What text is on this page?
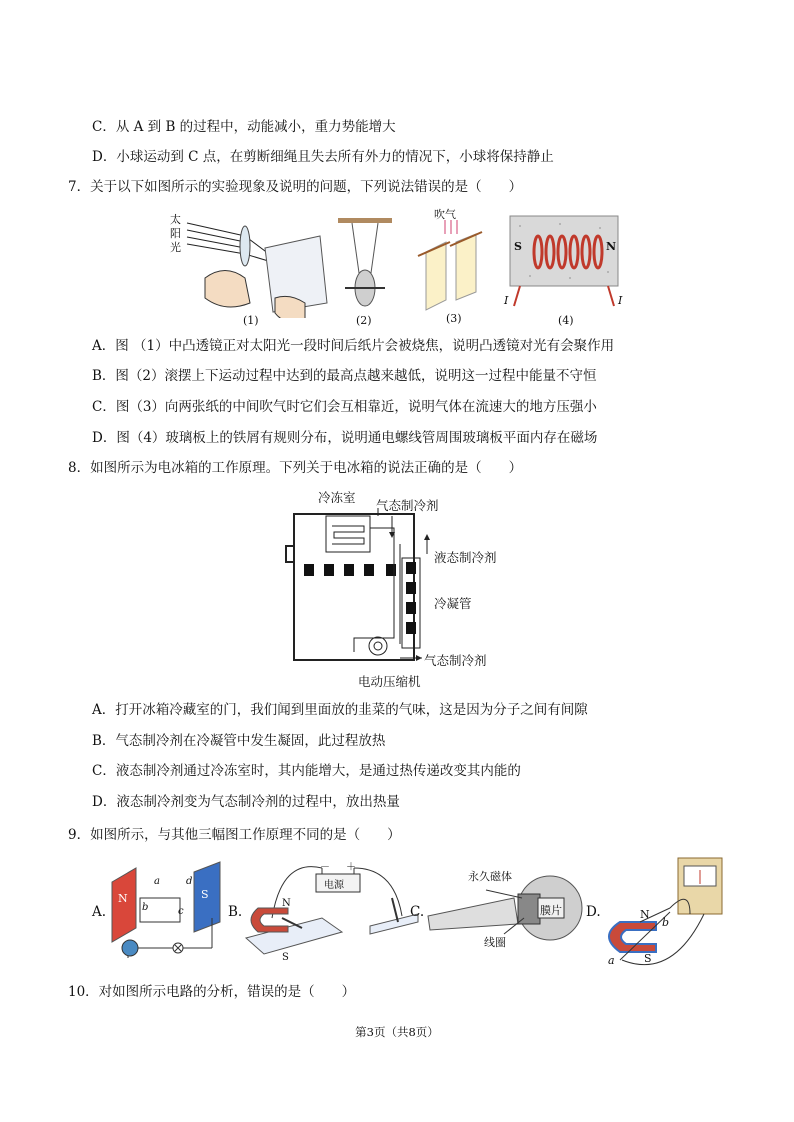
C．从 A 到 B 的过程中，动能减小，重力势能增大
D．小球运动到 C 点，在剪断细绳且失去所有外力的情况下，小球将保持静止
7．关于以下如图所示的实验现象及说明的问题，下列说法错误的是（　　）
太阳光
(1)	(2)
吹气
(3)
S	N
I	I
(4)
A．图 （1）中凸透镜正对太阳光一段时间后纸片会被烧焦，说明凸透镜对光有会聚作用
B．图（2）滚摆上下运动过程中达到的最高点越来越低，说明这一过程中能量不守恒
C．图（3）向两张纸的中间吹气时它们会互相靠近，说明气体在流速大的地方压强小
D．图（4）玻璃板上的铁屑有规则分布，说明通电螺线管周围玻璃板平面内存在磁场
8．如图所示为电冰箱的工作原理。下列关于电冰箱的说法正确的是（　　）
冷冻室
气态制冷剂
液态制冷剂
冷凝管
气态制冷剂
电动压缩机
A．打开冰箱冷藏室的门，我们闻到里面放的韭菜的气味，这是因为分子之间有间隙
B．气态制冷剂在冷凝管中发生凝固，此过程放热
C．液态制冷剂通过冷冻室时，其内能增大，是通过热传递改变其内能的
D．液态制冷剂变为气态制冷剂的过程中，放出热量
9．如图所示，与其他三幅图工作原理不同的是（　　）
A.
N	S
a
b	c
d
B.
电源
－ ＋
N
S
C.
永久磁体
线圈
膜片 D.	N
S
a
b
10．对如图所示电路的分析，错误的是（　　）
第3页（共8页）
